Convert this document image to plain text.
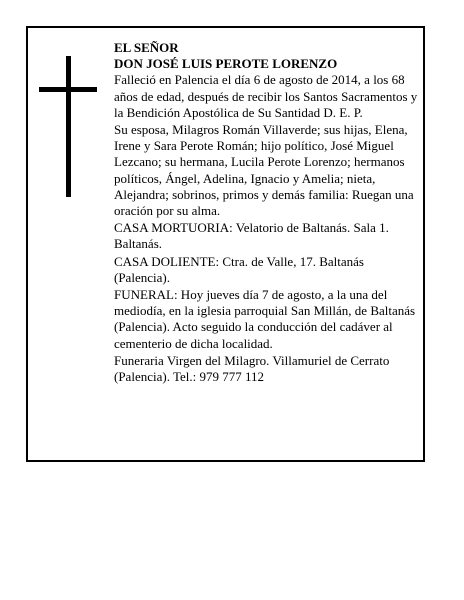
EL SEÑOR

DON JOSÉ LUIS PEROTE LORENZO

Falleció en Palencia el día 6 de agosto de 2014, a los 68 años de edad, después de recibir los Santos Sacramentos y la Bendición Apostólica de Su Santidad D. E. P.

Su esposa, Milagros Román Villaverde; sus hijas, Elena, Irene y Sara Perote Román; hijo político, José Miguel Lezcano; su hermana, Lucila Perote Lorenzo; hermanos políticos, Ángel, Adelina, Ignacio y Amelia; nieta, Alejandra; sobrinos, primos y demás familia: Ruegan una oración por su alma.

CASA MORTUORIA: Velatorio de Baltanás. Sala 1. Baltanás.

CASA DOLIENTE: Ctra. de Valle, 17. Baltanás (Palencia).

FUNERAL: Hoy jueves día 7 de agosto, a la una del mediodía, en la iglesia parroquial San Millán, de Baltanás (Palencia). Acto seguido la conducción del cadáver al cementerio de dicha localidad.

Funeraria Virgen del Milagro. Villamuriel de Cerrato (Palencia). Tel.: 979 777 112
